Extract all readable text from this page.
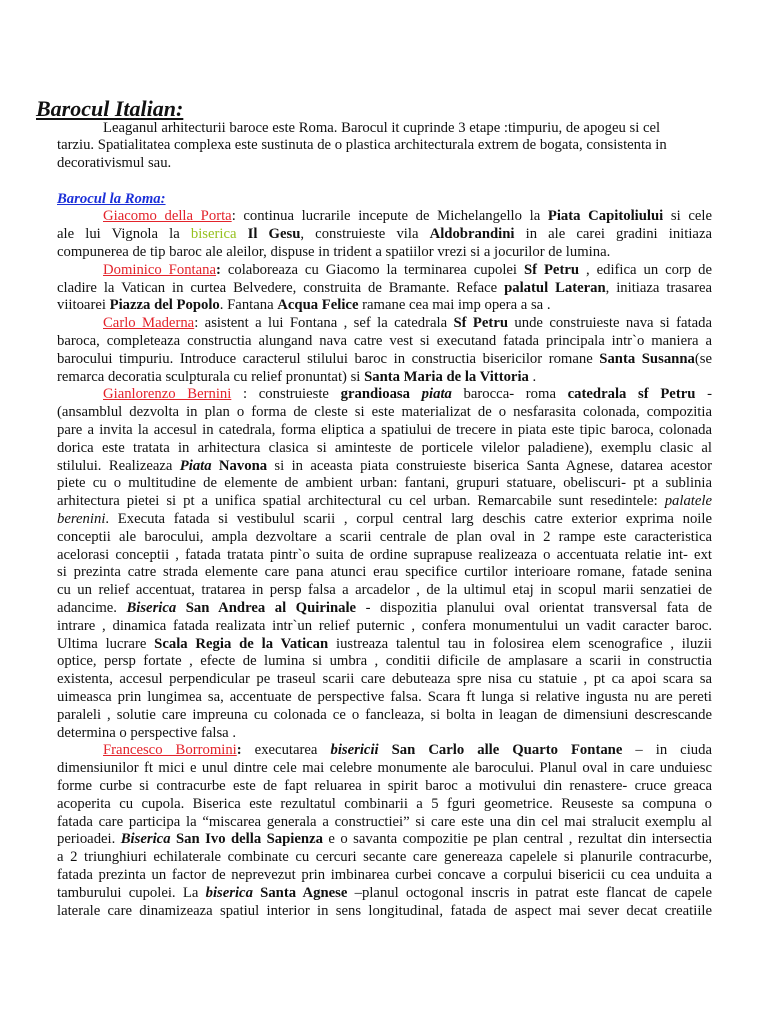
Barocul Italian:
Leaganul arhitecturii baroce este Roma. Barocul it cuprinde 3 etape :timpuriu, de apogeu si cel
tarziu. Spatialitatea complexa este sustinuta de o plastica architecturala extrem de bogata, consistenta in
decorativismul sau.
Barocul la Roma:
Giacomo della Porta: continua lucrarile incepute de Michelangello la Piata Capitoliului si cele
ale lui Vignola la biserica Il Gesu, construieste vila Aldobrandini in ale carei gradini initiaza
compunerea de tip baroc ale aleilor, dispuse in trident a spatiilor vrezi si a jocurilor de lumina.
Dominico Fontana: colaboreaza cu Giacomo la terminarea cupolei Sf Petru , edifica un corp de
cladire la Vatican in curtea Belvedere, construita de Bramante. Reface palatul Lateran, initiaza trasarea
viitoarei Piazza del Popolo. Fantana Acqua Felice ramane cea mai imp opera a sa .
Carlo Maderna: asistent a lui Fontana , sef la catedrala Sf Petru unde construieste nava si fatada
baroca, completeaza constructia alungand nava catre vest si executand fatada principala intr`o maniera a
barocului timpuriu. Introduce caracterul stilului baroc in constructia bisericilor romane Santa Susanna(se
remarca decoratia sculpturala cu relief pronuntat) si Santa Maria de la Vittoria .
Gianlorenzo Bernini : construieste grandioasa piata barocca- roma catedrala sf Petru -
(ansamblul dezvolta in plan o forma de cleste si este materializat de o nesfarasita colonada, compozitia
pare a invita la accesul in catedrala, forma eliptica a spatiului de trecere in piata este tipic baroca, colonada
dorica este tratata in arhitectura clasica si aminteste de porticele vilelor paladiene), exemplu clasic al
stilului. Realizeaza Piata Navona si in aceasta piata construieste biserica Santa Agnese, datarea acestor
piete cu o multitudine de elemente de ambient urban: fantani, grupuri statuare, obeliscuri- pt a sublinia
arhitectura pietei si pt a unifica spatial architectural cu cel urban. Remarcabile sunt resedintele: palatele
berenini. Executa fatada si vestibulul scarii , corpul central larg deschis catre exterior exprima noile
conceptii ale barocului, ampla dezvoltare a scarii centrale de plan oval in 2 rampe este caracteristica
acelorasi conceptii , fatada tratata pintr`o suita de ordine suprapuse realizeaza o accentuata relatie int- ext
si prezinta catre strada elemente care pana atunci erau specifice curtilor interioare romane, fatade senina
cu un relief accentuat, tratarea in persp falsa a arcadelor , de la ultimul etaj in scopul marii senzatiei de
adancime. Biserica San Andrea al Quirinale - dispozitia planului oval orientat transversal fata de
intrare , dinamica fatada realizata intr`un relief puternic , confera monumentului un vadit caracter baroc.
Ultima lucrare Scala Regia de la Vatican iustreaza talentul tau in folosirea elem scenografice , iluzii
optice, persp fortate , efecte de lumina si umbra , conditii dificile de amplasare a scarii in constructia
existenta, accesul perpendicular pe traseul scarii care debuteaza spre nisa cu statuie , pt ca apoi scara sa
uimeasca prin lungimea sa, accentuate de perspective falsa. Scara ft lunga si relative ingusta nu are pereti
paraleli , solutie care impreuna cu colonada ce o fancleaza, si bolta in leagan de dimensiuni descrescande
determina o perspective falsa .
Francesco Borromini: executarea bisericii San Carlo alle Quarto Fontane – in ciuda
dimensiunilor ft mici e unul dintre cele mai celebre monumente ale barocului. Planul oval in care unduiesc
forme curbe si contracurbe este de fapt reluarea in spirit baroc a motivului din renastere- cruce greaca
acoperita cu cupola. Biserica este rezultatul combinarii a 5 fguri geometrice. Reuseste sa compuna o
fatada care participa la “miscarea generala a constructiei” si care este una din cel mai stralucit exemplu al
perioadei. Biserica San Ivo della Sapienza e o savanta compozitie pe plan central , rezultat din intersectia
a 2 triunghiuri echilaterale combinate cu cercuri secante care genereaza capelele si planurile contracurbe,
fatada prezinta un factor de neprevezut prin imbinarea curbei concave a corpului bisericii cu cea unduita a
tamburului cupolei. La biserica Santa Agnese –planul octogonal inscris in patrat este flancat de capele
laterale care dinamizeaza spatiul interior in sens longitudinal, fatada de aspect mai sever decat creatiile
